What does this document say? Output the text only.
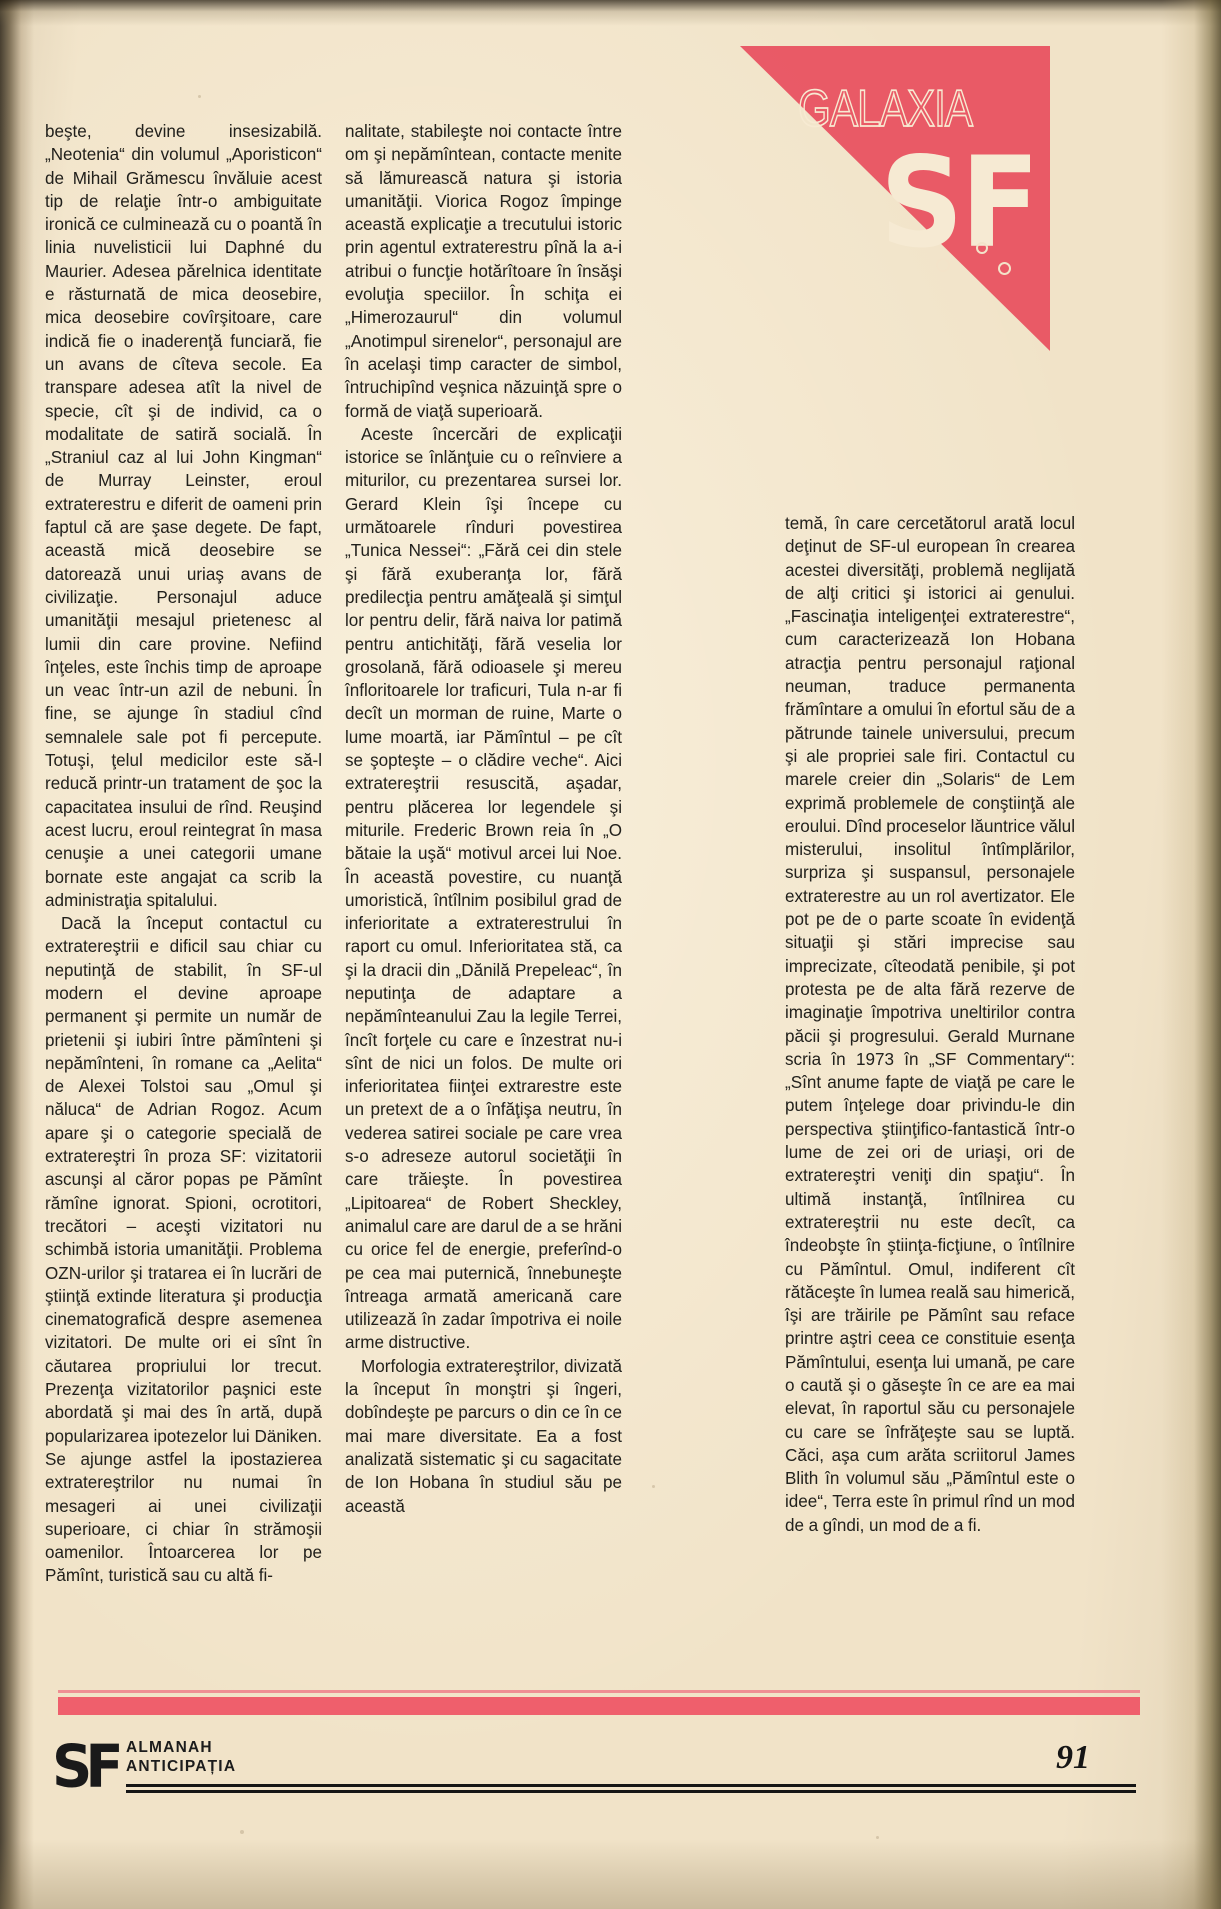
GALAXIA
SF

beşte, devine insesizabilă. „Neotenia“ din volumul „Aporisticon“ de Mihail Grămescu învăluie acest tip de relaţie într-o ambiguitate ironică ce culminează cu o poantă în linia nuvelisticii lui Daphné du Maurier. Adesea părelnica identitate e răsturnată de mica deosebire, mica deosebire covîrşitoare, care indică fie o inaderenţă funciară, fie un avans de cîteva secole. Ea transpare adesea atît la nivel de specie, cît şi de individ, ca o modalitate de satiră socială. În „Straniul caz al lui John Kingman“ de Murray Leinster, eroul extraterestru e diferit de oameni prin faptul că are şase degete. De fapt, această mică deosebire se datorează unui uriaş avans de civilizaţie. Personajul aduce umanităţii mesajul prietenesc al lumii din care provine. Nefiind înţeles, este închis timp de aproape un veac într-un azil de nebuni. În fine, se ajunge în stadiul cînd semnalele sale pot fi percepute. Totuşi, ţelul medicilor este să-l reducă printr-un tratament de şoc la capacitatea insului de rînd. Reuşind acest lucru, eroul reintegrat în masa cenuşie a unei categorii umane bornate este angajat ca scrib la administraţia spitalului.

Dacă la început contactul cu extratereştrii e dificil sau chiar cu neputinţă de stabilit, în SF-ul modern el devine aproape permanent şi permite un număr de prietenii şi iubiri între pămînteni şi nepămînteni, în romane ca „Aelita“ de Alexei Tolstoi sau „Omul şi năluca“ de Adrian Rogoz. Acum apare şi o categorie specială de extratereştri în proza SF: vizitatorii ascunşi al căror popas pe Pămînt rămîne ignorat. Spioni, ocrotitori, trecători – aceşti vizitatori nu schimbă istoria umanităţii. Problema OZN-urilor şi tratarea ei în lucrări de ştiinţă extinde literatura şi producţia cinematografică despre asemenea vizitatori. De multe ori ei sînt în căutarea propriului lor trecut. Prezenţa vizitatorilor paşnici este abordată şi mai des în artă, după popularizarea ipotezelor lui Däniken. Se ajunge astfel la ipostazierea extratereştrilor nu numai în mesageri ai unei civilizaţii superioare, ci chiar în strămoşii oamenilor. Întoarcerea lor pe Pămînt, turistică sau cu altă fi-

nalitate, stabileşte noi contacte între om şi nepămîntean, contacte menite să lămurească natura şi istoria umanităţii. Viorica Rogoz împinge această explicaţie a trecutului istoric prin agentul extraterestru pînă la a-i atribui o funcţie hotărîtoare în însăşi evoluţia speciilor. În schiţa ei „Himerozaurul“ din volumul „Anotimpul sirenelor“, personajul are în acelaşi timp caracter de simbol, întruchipînd veşnica năzuinţă spre o formă de viaţă superioară.

Aceste încercări de explicaţii istorice se înlănţuie cu o reînviere a miturilor, cu prezentarea sursei lor. Gerard Klein îşi începe cu următoarele rînduri povestirea „Tunica Nessei“: „Fără cei din stele şi fără exuberanţa lor, fără predilecţia pentru amăţeală şi simţul lor pentru delir, fără naiva lor patimă pentru antichităţi, fără veselia lor grosolană, fără odioasele şi mereu înfloritoarele lor traficuri, Tula n-ar fi decît un morman de ruine, Marte o lume moartă, iar Pămîntul – pe cît se şopteşte – o clădire veche“. Aici extratereştrii resuscită, aşadar, pentru plăcerea lor legendele şi miturile. Frederic Brown reia în „O bătaie la uşă“ motivul arcei lui Noe. În această povestire, cu nuanţă umoristică, întîlnim posibilul grad de inferioritate a extraterestrului în raport cu omul. Inferioritatea stă, ca şi la dracii din „Dănilă Prepeleac“, în neputinţa de adaptare a nepămînteanului Zau la legile Terrei, încît forţele cu care e înzestrat nu-i sînt de nici un folos. De multe ori inferioritatea fiinţei extrarestre este un pretext de a o înfăţişa neutru, în vederea satirei sociale pe care vrea s-o adreseze autorul societăţii în care trăieşte. În povestirea „Lipitoarea“ de Robert Sheckley, animalul care are darul de a se hrăni cu orice fel de energie, preferînd-o pe cea mai puternică, înnebuneşte întreaga armată americană care utilizează în zadar împotriva ei noile arme distructive.

Morfologia extratereştrilor, divizată la început în monştri şi îngeri, dobîndeşte pe parcurs o din ce în ce mai mare diversitate. Ea a fost analizată sistematic şi cu sagacitate de Ion Hobana în studiul său pe această

temă, în care cercetătorul arată locul deţinut de SF-ul european în crearea acestei diversităţi, problemă neglijată de alţi critici şi istorici ai genului. „Fascinaţia inteligenţei extraterestre“, cum caracterizează Ion Hobana atracţia pentru personajul raţional neuman, traduce permanenta frămîntare a omului în efortul său de a pătrunde tainele universului, precum şi ale propriei sale firi. Contactul cu marele creier din „Solaris“ de Lem exprimă problemele de conştiinţă ale eroului. Dînd proceselor lăuntrice vălul misterului, insolitul întîmplărilor, surpriza şi suspansul, personajele extraterestre au un rol avertizator. Ele pot pe de o parte scoate în evidenţă situaţii şi stări imprecise sau imprecizate, cîteodată penibile, şi pot protesta pe de alta fără rezerve de imaginaţie împotriva uneltirilor contra păcii şi progresului. Gerald Murnane scria în 1973 în „SF Commentary“: „Sînt anume fapte de viaţă pe care le putem înţelege doar privindu-le din perspectiva ştiinţifico-fantastică într-o lume de zei ori de uriaşi, ori de extratereştri veniţi din spaţiu“. În ultimă instanţă, întîlnirea cu extratereştrii nu este decît, ca îndeobşte în ştiinţa-ficţiune, o întîlnire cu Pămîntul. Omul, indiferent cît rătăceşte în lumea reală sau himerică, îşi are trăirile pe Pămînt sau reface printre aştri ceea ce constituie esenţa Pămîntului, esenţa lui umană, pe care o caută şi o găseşte în ce are ea mai elevat, în raportul său cu personajele cu care se înfrăţeşte sau se luptă. Căci, aşa cum arăta scriitorul James Blith în volumul său „Pămîntul este o idee“, Terra este în primul rînd un mod de a gîndi, un mod de a fi.

SF ALMANAH
ANTICIPAȚIA	91
